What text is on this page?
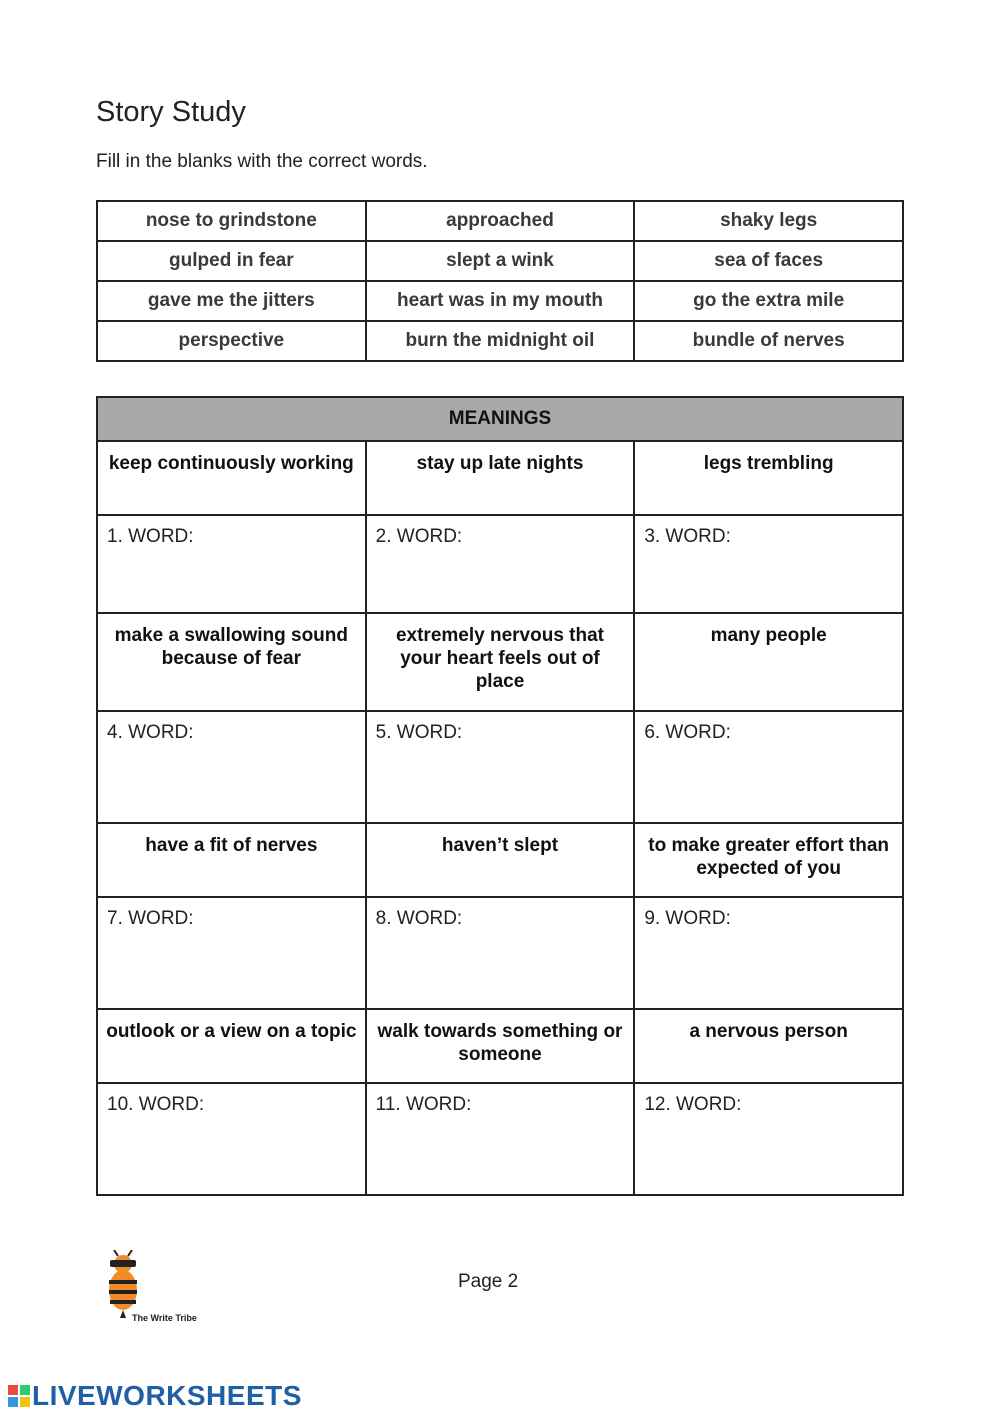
Story Study
Fill in the blanks with the correct words.
nose to grindstone	approached	shaky legs
gulped in fear	slept a wink	sea of faces
gave me the jitters	heart was in my mouth	go the extra mile
perspective	burn the midnight oil	bundle of nerves
MEANINGS		
keep continuously working	stay up late nights	legs trembling
1. WORD:	2. WORD:	3. WORD:

make a swallowing sound because of fear	extremely nervous that your heart feels out of place	many people
4. WORD:	5. WORD:	6. WORD:

have a fit of nerves	haven’t slept	to make greater effort than expected of you
7. WORD:	8. WORD:	9. WORD:

outlook or a view on a topic	walk towards something or someone	a nervous person
10. WORD:	11. WORD:	12. WORD:
The Write Tribe
Page 2
LIVEWORKSHEETS
